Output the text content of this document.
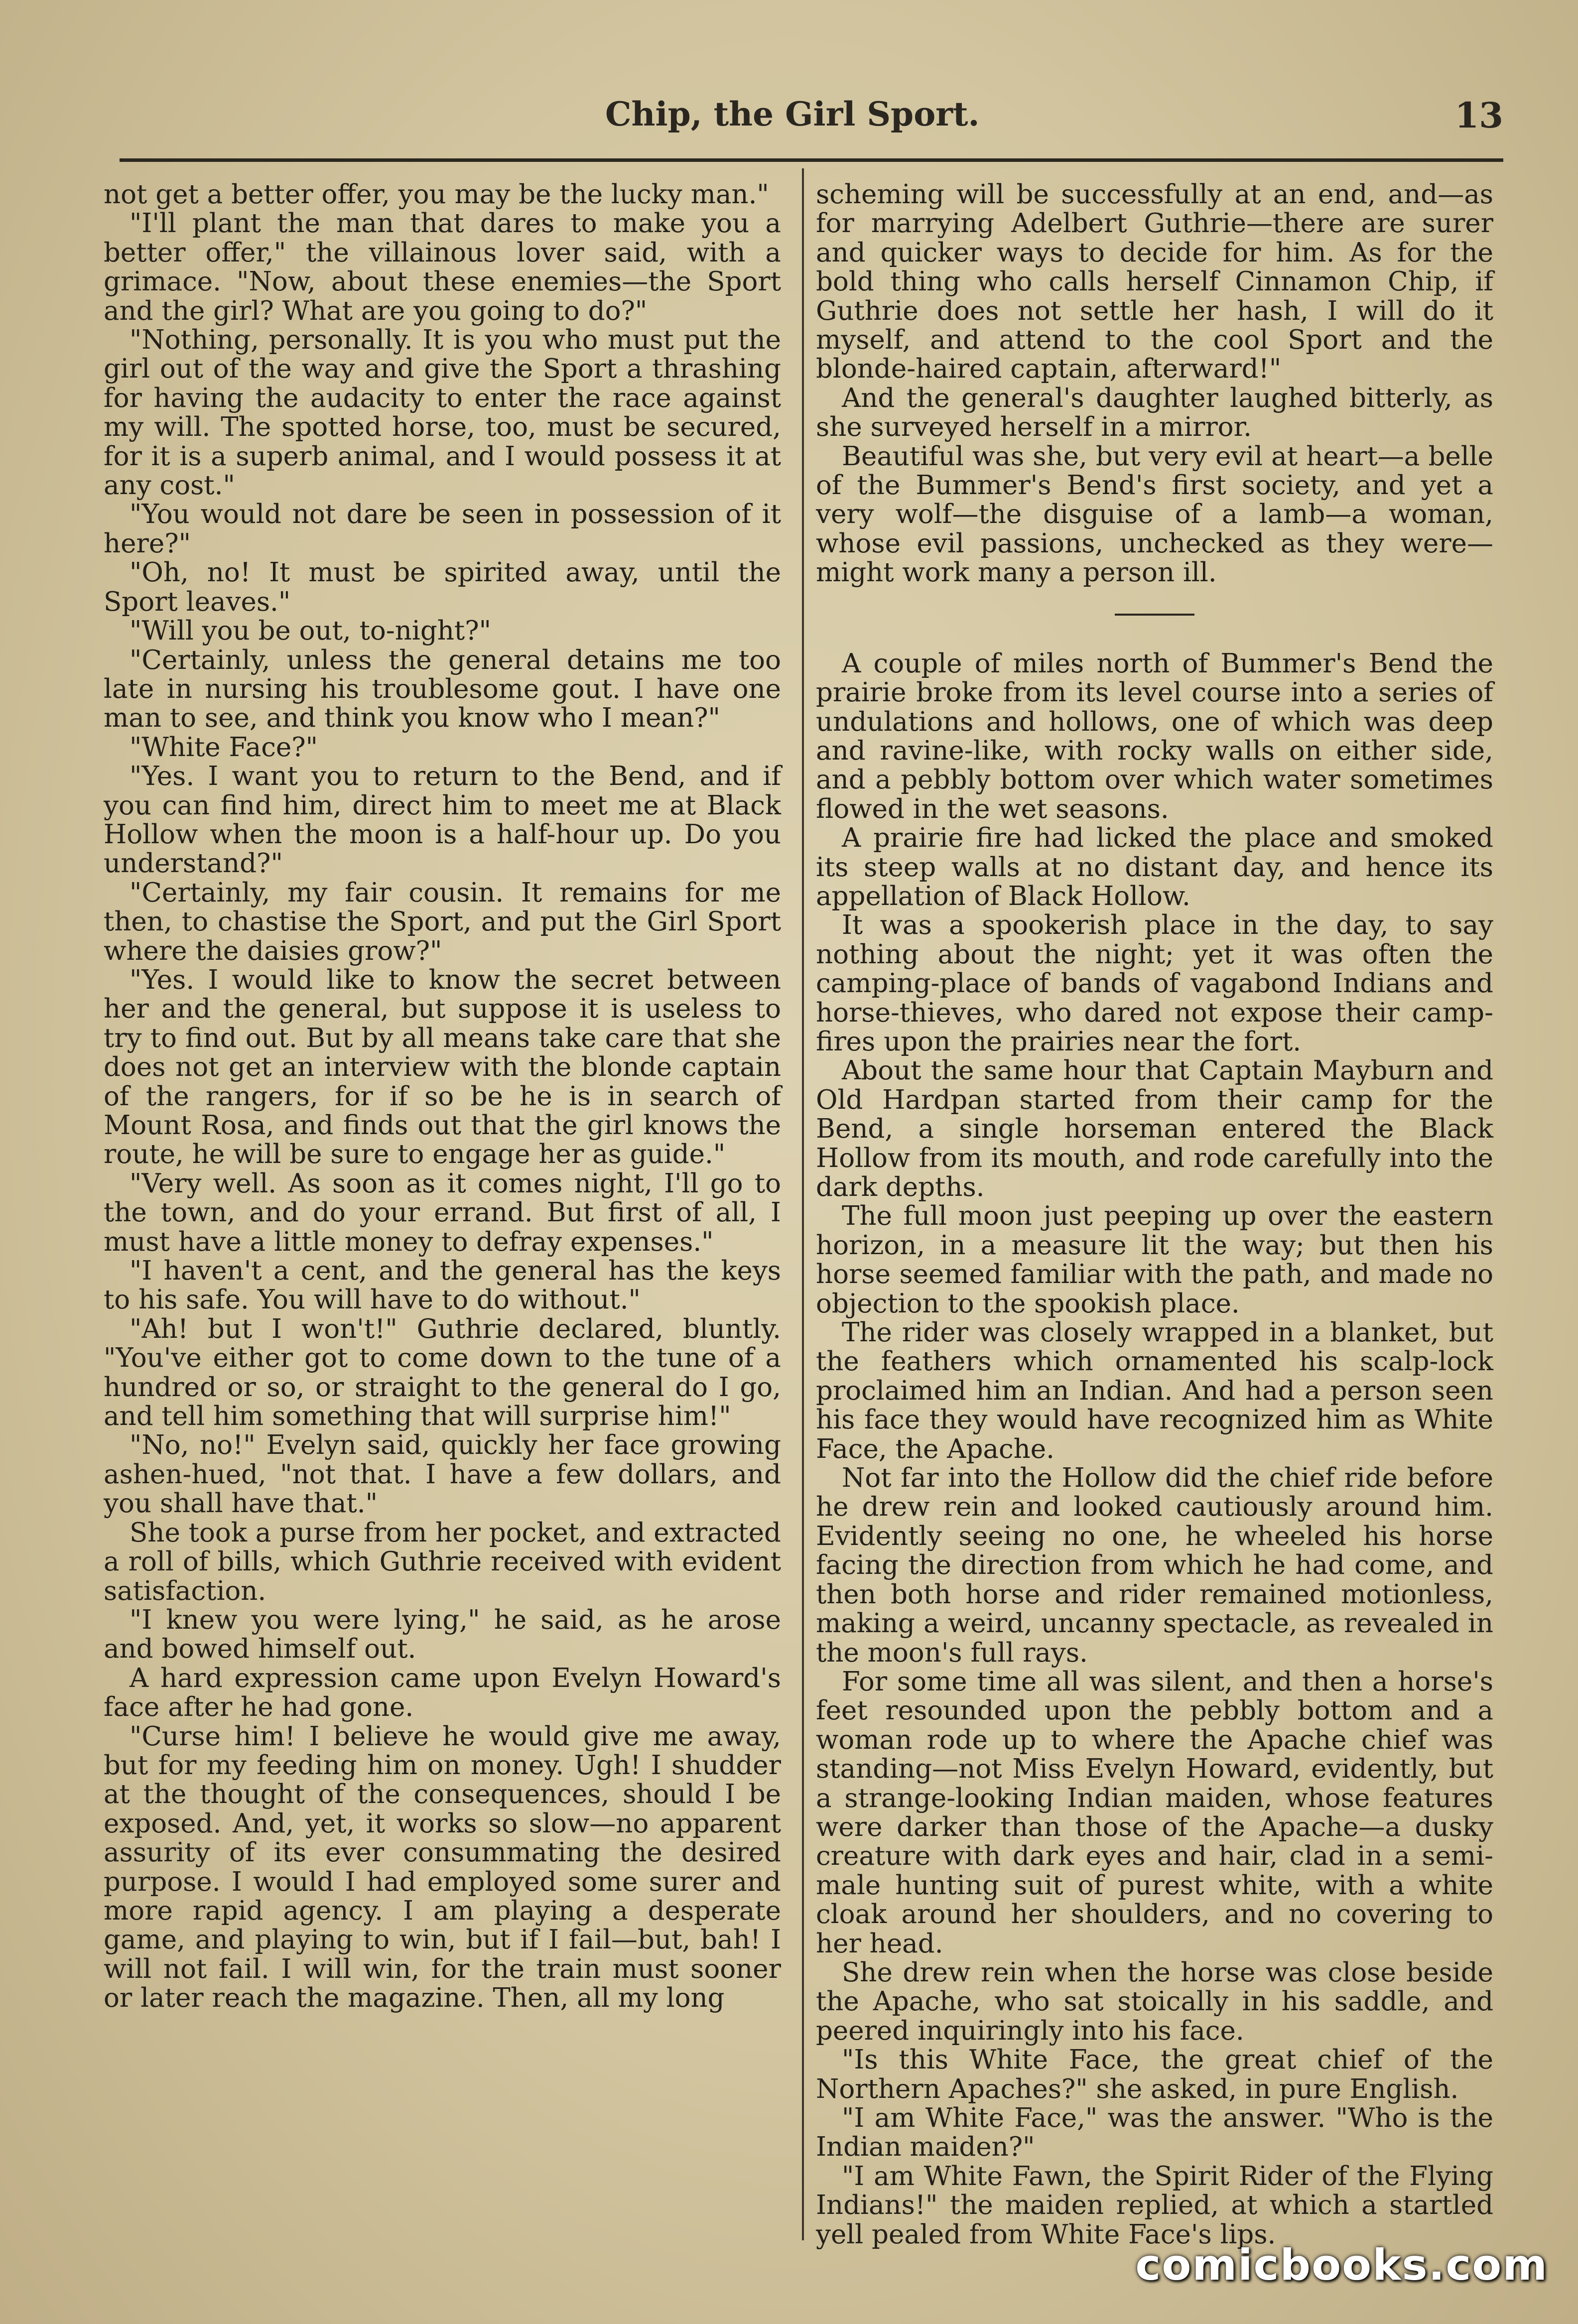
Chip, the Girl Sport.	13

not get a better offer, you may be the lucky man."

"I'll plant the man that dares to make you a better offer," the villainous lover said, with a grimace. "Now, about these enemies—the Sport and the girl? What are you going to do?"

"Nothing, personally. It is you who must put the girl out of the way and give the Sport a thrashing for having the audacity to enter the race against my will. The spotted horse, too, must be secured, for it is a superb animal, and I would possess it at any cost."

"You would not dare be seen in possession of it here?"

"Oh, no! It must be spirited away, until the Sport leaves."

"Will you be out, to-night?"

"Certainly, unless the general detains me too late in nursing his troublesome gout. I have one man to see, and think you know who I mean?"

"White Face?"

"Yes. I want you to return to the Bend, and if you can find him, direct him to meet me at Black Hollow when the moon is a half-hour up. Do you understand?"

"Certainly, my fair cousin. It remains for me then, to chastise the Sport, and put the Girl Sport where the daisies grow?"

"Yes. I would like to know the secret between her and the general, but suppose it is useless to try to find out. But by all means take care that she does not get an interview with the blonde captain of the rangers, for if so be he is in search of Mount Rosa, and finds out that the girl knows the route, he will be sure to engage her as guide."

"Very well. As soon as it comes night, I'll go to the town, and do your errand. But first of all, I must have a little money to defray expenses."

"I haven't a cent, and the general has the keys to his safe. You will have to do without."

"Ah! but I won't!" Guthrie declared, bluntly. "You've either got to come down to the tune of a hundred or so, or straight to the general do I go, and tell him something that will surprise him!"

"No, no!" Evelyn said, quickly her face growing ashen-hued, "not that. I have a few dollars, and you shall have that."

She took a purse from her pocket, and extracted a roll of bills, which Guthrie received with evident satisfaction.

"I knew you were lying," he said, as he arose and bowed himself out.

A hard expression came upon Evelyn Howard's face after he had gone.

"Curse him! I believe he would give me away, but for my feeding him on money. Ugh! I shudder at the thought of the consequences, should I be exposed. And, yet, it works so slow—no apparent assurity of its ever consummating the desired purpose. I would I had employed some surer and more rapid agency. I am playing a desperate game, and playing to win, but if I fail—but, bah! I will not fail. I will win, for the train must sooner or later reach the magazine. Then, all my long

scheming will be successfully at an end, and—as for marrying Adelbert Guthrie—there are surer and quicker ways to decide for him. As for the bold thing who calls herself Cinnamon Chip, if Guthrie does not settle her hash, I will do it myself, and attend to the cool Sport and the blonde-haired captain, afterward!"

And the general's daughter laughed bitterly, as she surveyed herself in a mirror.

Beautiful was she, but very evil at heart—a belle of the Bummer's Bend's first society, and yet a very wolf—the disguise of a lamb—a woman, whose evil passions, unchecked as they were—might work many a person ill.

A couple of miles north of Bummer's Bend the prairie broke from its level course into a series of undulations and hollows, one of which was deep and ravine-like, with rocky walls on either side, and a pebbly bottom over which water sometimes flowed in the wet seasons.

A prairie fire had licked the place and smoked its steep walls at no distant day, and hence its appellation of Black Hollow.

It was a spookerish place in the day, to say nothing about the night; yet it was often the camping-place of bands of vagabond Indians and horse-thieves, who dared not expose their camp-fires upon the prairies near the fort.

About the same hour that Captain Mayburn and Old Hardpan started from their camp for the Bend, a single horseman entered the Black Hollow from its mouth, and rode carefully into the dark depths.

The full moon just peeping up over the eastern horizon, in a measure lit the way; but then his horse seemed familiar with the path, and made no objection to the spookish place.

The rider was closely wrapped in a blanket, but the feathers which ornamented his scalp-lock proclaimed him an Indian. And had a person seen his face they would have recognized him as White Face, the Apache.

Not far into the Hollow did the chief ride before he drew rein and looked cautiously around him. Evidently seeing no one, he wheeled his horse facing the direction from which he had come, and then both horse and rider remained motionless, making a weird, uncanny spectacle, as revealed in the moon's full rays.

For some time all was silent, and then a horse's feet resounded upon the pebbly bottom and a woman rode up to where the Apache chief was standing—not Miss Evelyn Howard, evidently, but a strange-looking Indian maiden, whose features were darker than those of the Apache—a dusky creature with dark eyes and hair, clad in a semi-male hunting suit of purest white, with a white cloak around her shoulders, and no covering to her head.

She drew rein when the horse was close beside the Apache, who sat stoically in his saddle, and peered inquiringly into his face.

"Is this White Face, the great chief of the Northern Apaches?" she asked, in pure English.

"I am White Face," was the answer. "Who is the Indian maiden?"

"I am White Fawn, the Spirit Rider of the Flying Indians!" the maiden replied, at which a startled yell pealed from White Face's lips.

comicbooks.com
